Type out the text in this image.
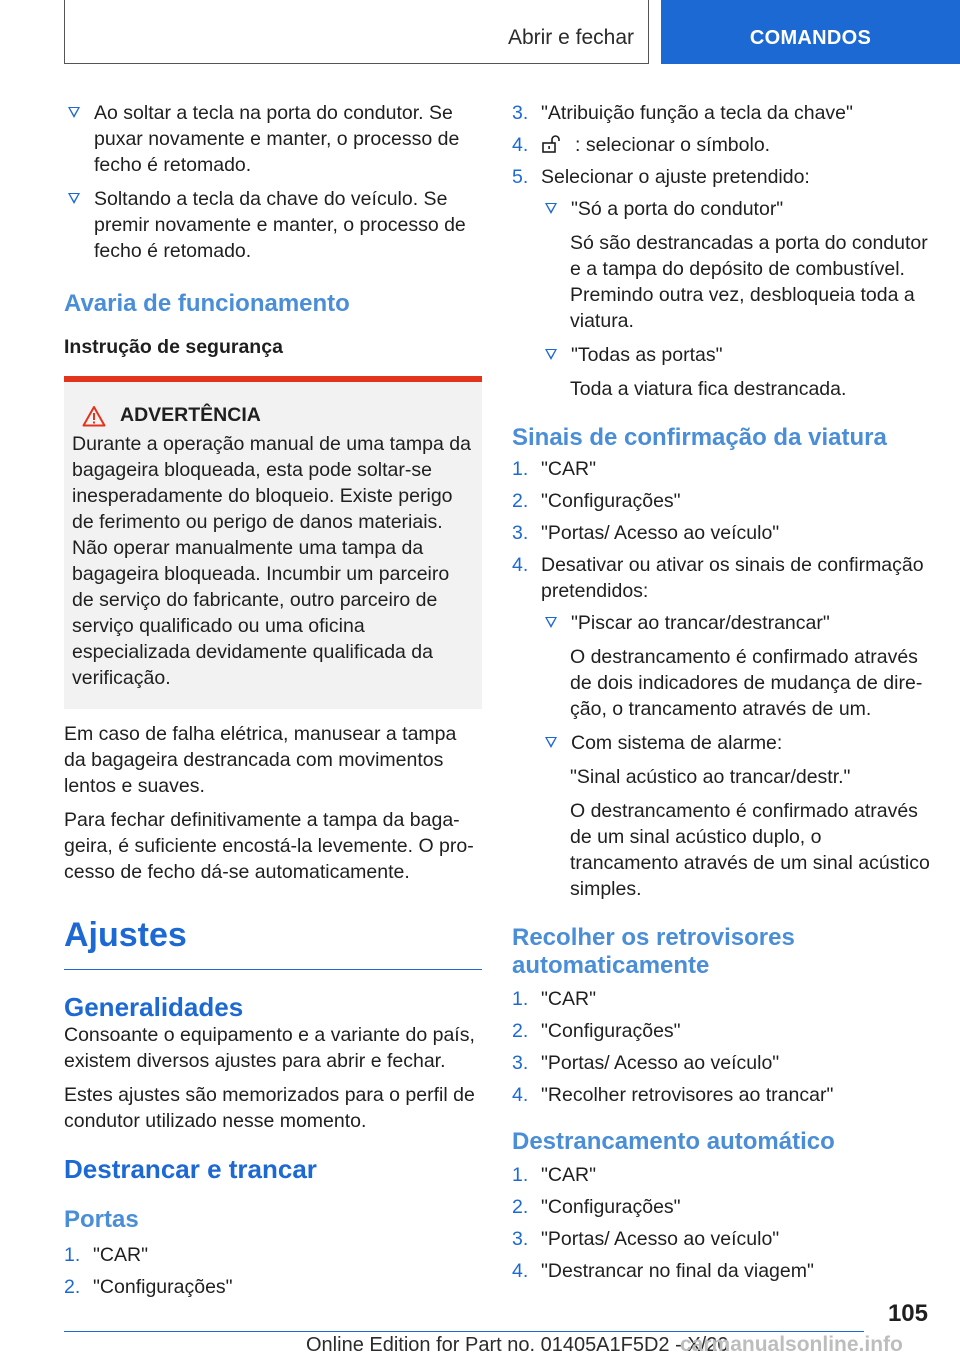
Abrir e fechar	COMANDOS
Ao soltar a tecla na porta do condutor. Se puxar novamente e manter, o processo de fecho é retomado.
Soltando a tecla da chave do veículo. Se premir novamente e manter, o processo de fecho é retomado.
Avaria de funcionamento
Instrução de segurança
ADVERTÊNCIA

Durante a operação manual de uma tampa da bagageira bloqueada, esta pode soltar-se inesperadamente do bloqueio. Existe perigo de ferimento ou perigo de danos materiais. Não operar manualmente uma tampa da bagageira bloqueada. Incumbir um parceiro de serviço do fabricante, outro parceiro de serviço qualificado ou uma oficina especializada devidamente qualificada da verificação.

Em caso de falha elétrica, manusear a tampa da bagageira destrancada com movimentos lentos e suaves.

Para fechar definitivamente a tampa da bagageira, é suficiente encostá-la levemente. O processo de fecho dá-se automaticamente.

Ajustes
Generalidades

Consoante o equipamento e a variante do país, existem diversos ajustes para abrir e fechar.

Estes ajustes são memorizados para o perfil de condutor utilizado nesse momento.

Destrancar e trancar
Portas
1. "CAR"
2. "Configurações"
3. "Atribuição função a tecla da chave"
4. : selecionar o símbolo.
5. Selecionar o ajuste pretendido:
"Só a porta do condutor"

Só são destrancadas a porta do condutor e a tampa do depósito de combustível. Premindo outra vez, desbloqueia toda a viatura.

"Todas as portas"

Toda a viatura fica destrancada.

Sinais de confirmação da viatura
1. "CAR"
2. "Configurações"
3. "Portas/ Acesso ao veículo"
4. Desativar ou ativar os sinais de confirmação pretendidos:
"Piscar ao trancar/destrancar"

O destrancamento é confirmado através de dois indicadores de mudança de direção, o trancamento através de um.

Com sistema de alarme:

"Sinal acústico ao trancar/destr."

O destrancamento é confirmado através de um sinal acústico duplo, o trancamento através de um sinal acústico simples.

Recolher os retrovisores automaticamente
1. "CAR"
2. "Configurações"
3. "Portas/ Acesso ao veículo"
4. "Recolher retrovisores ao trancar"
Destrancamento automático
1. "CAR"
2. "Configurações"
3. "Portas/ Acesso ao veículo"
4. "Destrancar no final da viagem"
105
Online Edition for Part no. 01405A1F5D2 - X/20
carmanualsonline.info
